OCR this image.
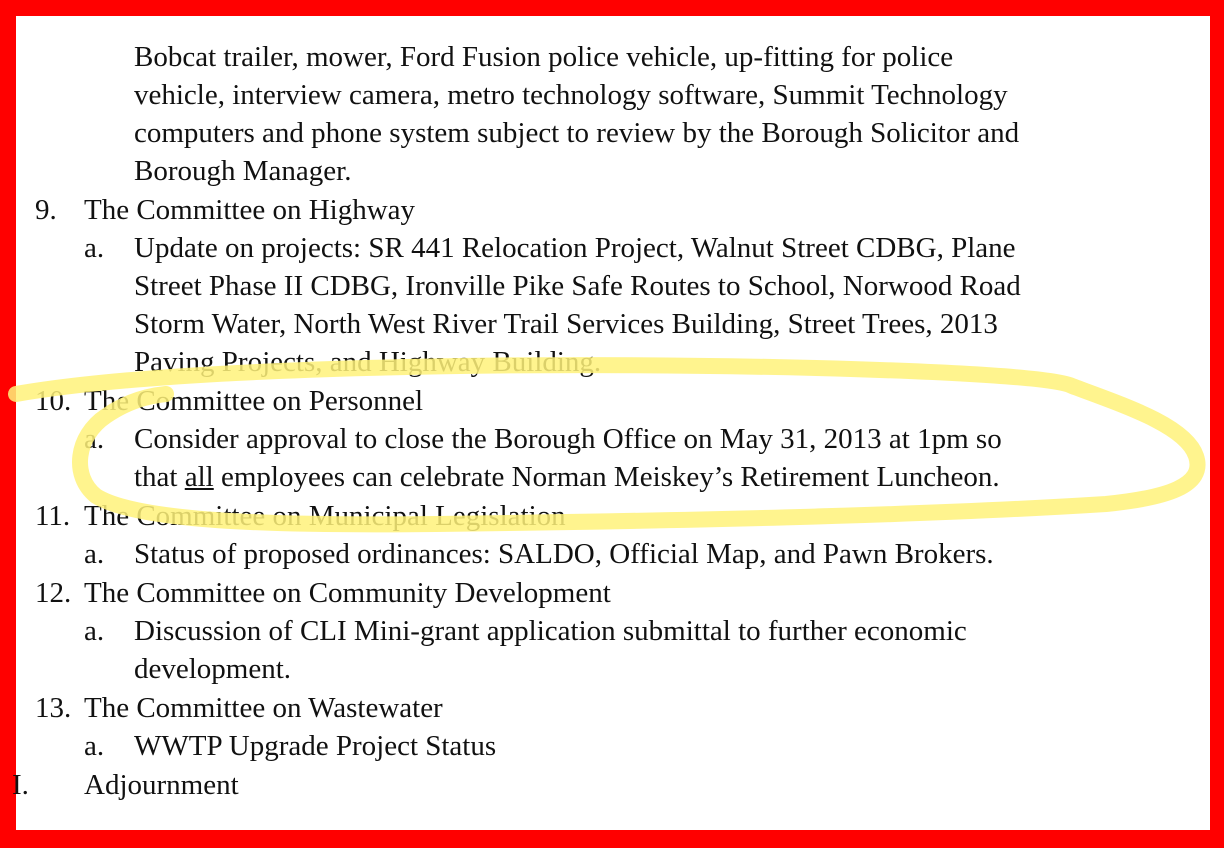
Bobcat trailer, mower, Ford Fusion police vehicle, up-fitting for police
vehicle, interview camera, metro technology software, Summit Technology
computers and phone system subject to review by the Borough Solicitor and
Borough Manager.
9. The Committee on Highway
a. Update on projects: SR 441 Relocation Project, Walnut Street CDBG, Plane
Street Phase II CDBG, Ironville Pike Safe Routes to School, Norwood Road
Storm Water, North West River Trail Services Building, Street Trees, 2013
Paving Projects, and Highway Building.
10. The Committee on Personnel
a. Consider approval to close the Borough Office on May 31, 2013 at 1pm so
that all employees can celebrate Norman Meiskey’s Retirement Luncheon.
11. The Committee on Municipal Legislation
a. Status of proposed ordinances: SALDO, Official Map, and Pawn Brokers.
12. The Committee on Community Development
a. Discussion of CLI Mini-grant application submittal to further economic
development.
13. The Committee on Wastewater
a. WWTP Upgrade Project Status
I. Adjournment
